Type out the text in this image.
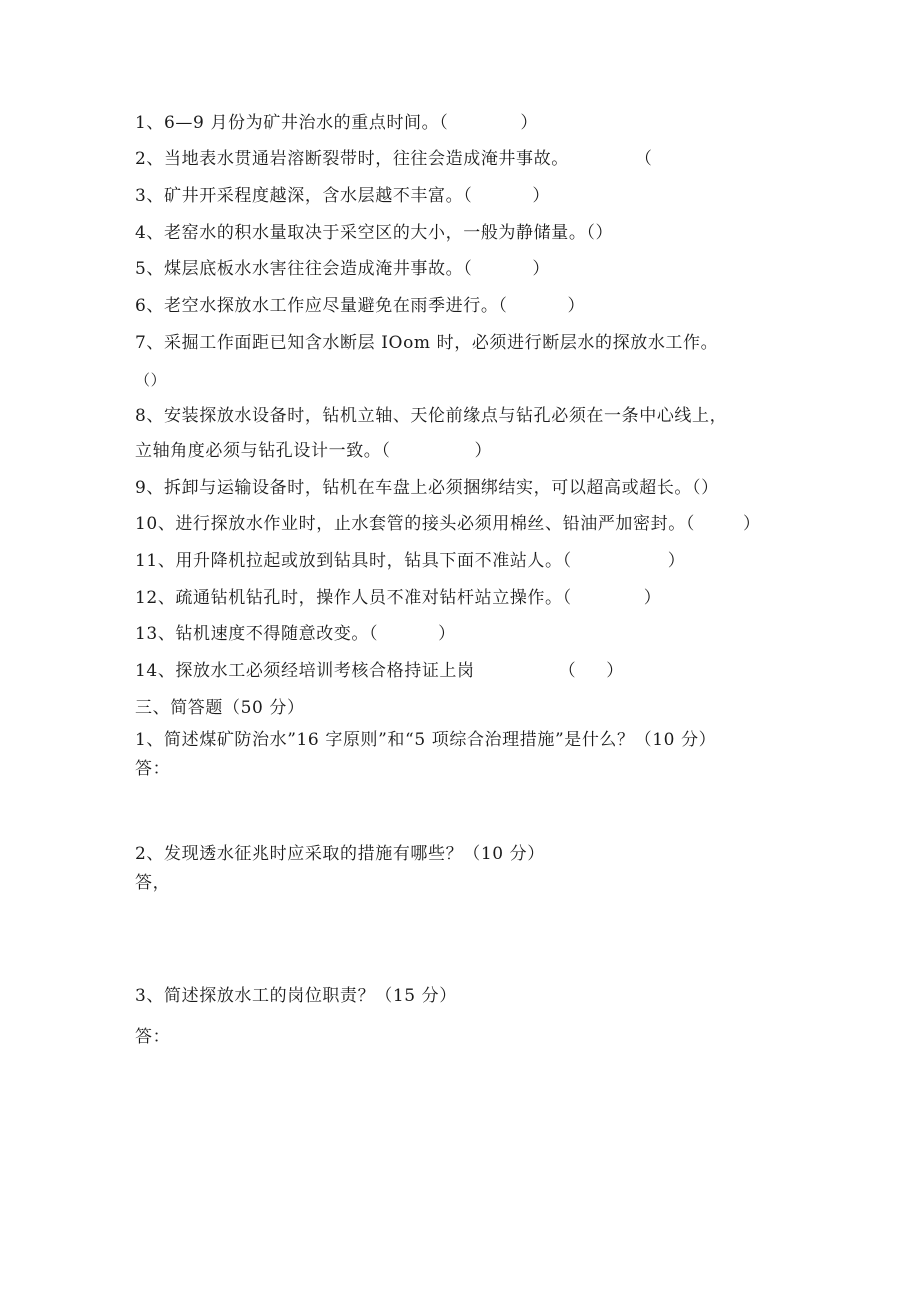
1、6—9 月份为矿井治水的重点时间。（            ）
2、当地表水贯通岩溶断裂带时，往往会造成淹井事故。           （
3、矿井开采程度越深，含水层越不丰富。（          ）
4、老窑水的积水量取决于采空区的大小，一般为静储量。（）
5、煤层底板水水害往往会造成淹井事故。（          ）
6、老空水探放水工作应尽量避免在雨季进行。（          ）
7、采掘工作面距已知含水断层 IOom 时，必须进行断层水的探放水工作。
（）
8、安装探放水设备时，钻机立轴、天伦前缘点与钻孔必须在一条中心线上，
立轴角度必须与钻孔设计一致。（              ）
9、拆卸与运输设备时，钻机在车盘上必须捆绑结实，可以超高或超长。（）
10、进行探放水作业时，止水套管的接头必须用棉丝、铅油严加密封。（        ）
11、用升降机拉起或放到钻具时，钻具下面不准站人。（                ）
12、疏通钻机钻孔时，操作人员不准对钻杆站立操作。（            ）
13、钻机速度不得随意改变。（          ）
14、探放水工必须经培训考核合格持证上岗              （     ）
三、简答题（50 分）
1、简述煤矿防治水”16 字原则”和“5 项综合治理措施”是什么？（10 分）
答：
2、发现透水征兆时应采取的措施有哪些？（10 分）
答，
3、简述探放水工的岗位职责？（15 分）
答：
